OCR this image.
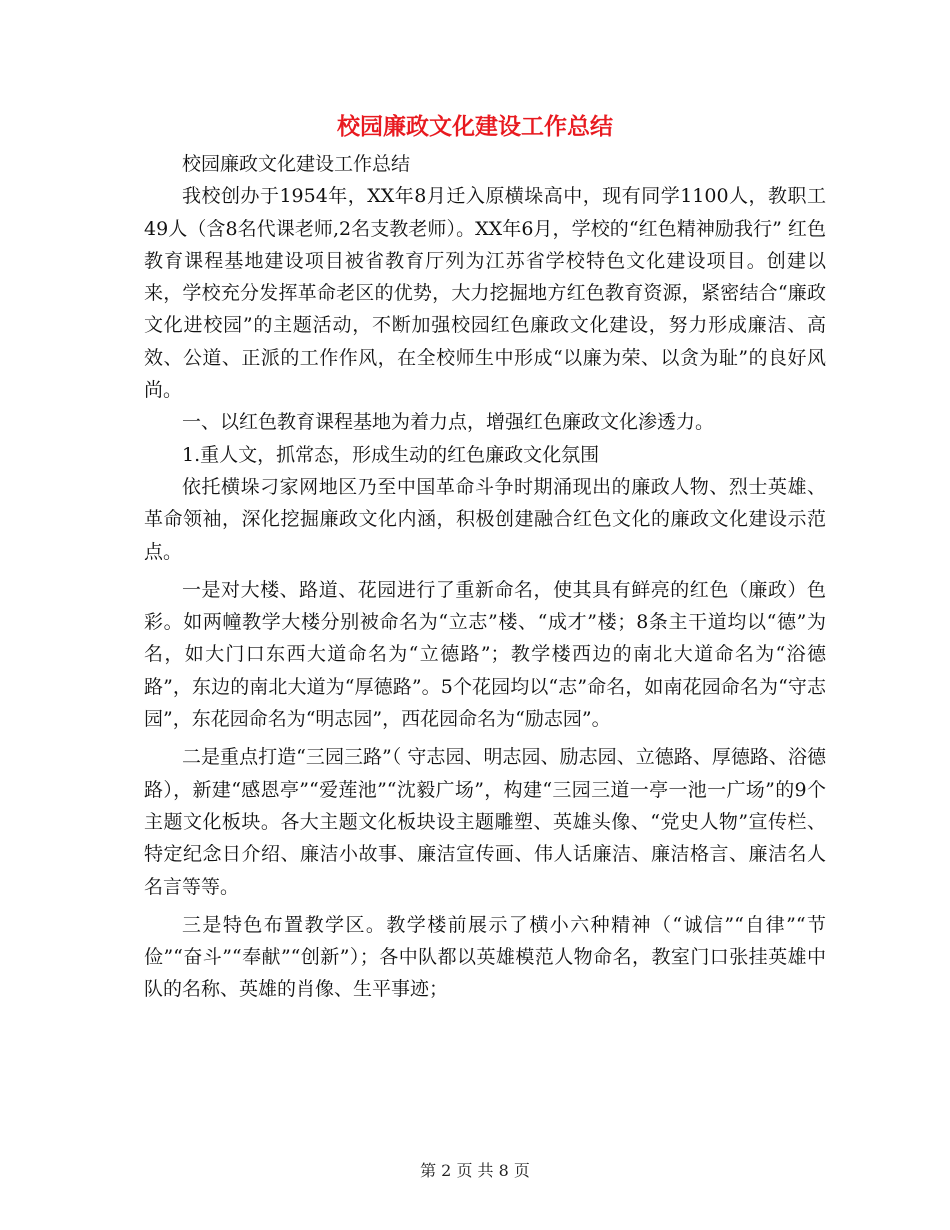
校园廉政文化建设工作总结

校园廉政文化建设工作总结

我校创办于1954年，XX年8月迁入原横垛高中，现有同学1100人，教职工49人（含8名代课老师,2名支教老师）。XX年6月，学校的“红色精神励我行” 红色教育课程基地建设项目被省教育厅列为江苏省学校特色文化建设项目。创建以来，学校充分发挥革命老区的优势，大力挖掘地方红色教育资源，紧密结合“廉政文化进校园”的主题活动，不断加强校园红色廉政文化建设，努力形成廉洁、高效、公道、正派的工作作风，在全校师生中形成“以廉为荣、以贪为耻”的良好风尚。

一、以红色教育课程基地为着力点，增强红色廉政文化渗透力。

1.重人文，抓常态，形成生动的红色廉政文化氛围

依托横垛刁家网地区乃至中国革命斗争时期涌现出的廉政人物、烈士英雄、革命领袖，深化挖掘廉政文化内涵，积极创建融合红色文化的廉政文化建设示范点。

一是对大楼、路道、花园进行了重新命名，使其具有鲜亮的红色（廉政）色彩。如两幢教学大楼分别被命名为“立志”楼、“成才”楼；8条主干道均以“德”为名，如大门口东西大道命名为“立德路”；教学楼西边的南北大道命名为“浴德路”，东边的南北大道为“厚德路”。5个花园均以“志”命名，如南花园命名为“守志园”，东花园命名为“明志园”，西花园命名为“励志园”。

二是重点打造“三园三路”（ 守志园、明志园、励志园、立德路、厚德路、浴德路），新建“感恩亭”“爱莲池”“沈毅广场”，构建“三园三道一亭一池一广场”的9个主题文化板块。各大主题文化板块设主题雕塑、英雄头像、“党史人物”宣传栏、特定纪念日介绍、廉洁小故事、廉洁宣传画、伟人话廉洁、廉洁格言、廉洁名人名言等等。

三是特色布置教学区。教学楼前展示了横小六种精神（“诚信”“自律”“节俭”“奋斗”“奉献”“创新”）；各中队都以英雄模范人物命名，教室门口张挂英雄中队的名称、英雄的肖像、生平事迹；

第 2 页 共 8 页
